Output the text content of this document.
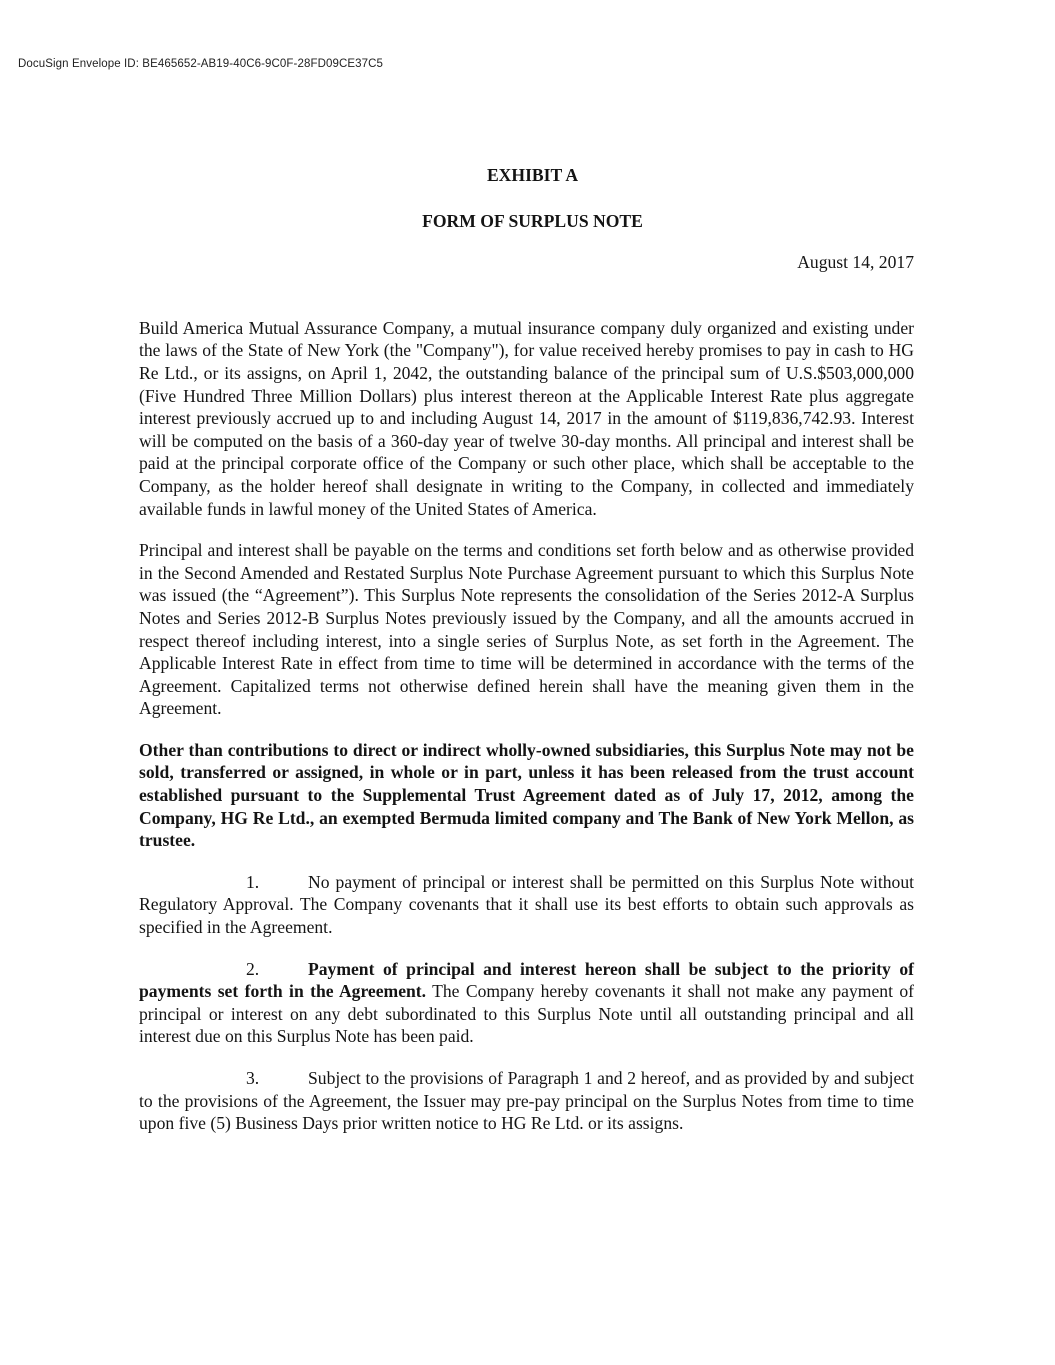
DocuSign Envelope ID: BE465652-AB19-40C6-9C0F-28FD09CE37C5

EXHIBIT A

FORM OF SURPLUS NOTE

August 14, 2017

Build America Mutual Assurance Company, a mutual insurance company duly organized and existing under the laws of the State of New York (the "Company"), for value received hereby promises to pay in cash to HG Re Ltd., or its assigns, on April 1, 2042, the outstanding balance of the principal sum of U.S.$503,000,000 (Five Hundred Three Million Dollars) plus interest thereon at the Applicable Interest Rate plus aggregate interest previously accrued up to and including August 14, 2017 in the amount of $119,836,742.93. Interest will be computed on the basis of a 360-day year of twelve 30-day months. All principal and interest shall be paid at the principal corporate office of the Company or such other place, which shall be acceptable to the Company, as the holder hereof shall designate in writing to the Company, in collected and immediately available funds in lawful money of the United States of America.

Principal and interest shall be payable on the terms and conditions set forth below and as otherwise provided in the Second Amended and Restated Surplus Note Purchase Agreement pursuant to which this Surplus Note was issued (the “Agreement”). This Surplus Note represents the consolidation of the Series 2012-A Surplus Notes and Series 2012-B Surplus Notes previously issued by the Company, and all the amounts accrued in respect thereof including interest, into a single series of Surplus Note, as set forth in the Agreement. The Applicable Interest Rate in effect from time to time will be determined in accordance with the terms of the Agreement. Capitalized terms not otherwise defined herein shall have the meaning given them in the Agreement.

Other than contributions to direct or indirect wholly-owned subsidiaries, this Surplus Note may not be sold, transferred or assigned, in whole or in part, unless it has been released from the trust account established pursuant to the Supplemental Trust Agreement dated as of July 17, 2012, among the Company, HG Re Ltd., an exempted Bermuda limited company and The Bank of New York Mellon, as trustee.

1.	No payment of principal or interest shall be permitted on this Surplus Note without Regulatory Approval. The Company covenants that it shall use its best efforts to obtain such approvals as specified in the Agreement.

2.	Payment of principal and interest hereon shall be subject to the priority of payments set forth in the Agreement. The Company hereby covenants it shall not make any payment of principal or interest on any debt subordinated to this Surplus Note until all outstanding principal and all interest due on this Surplus Note has been paid.

3.	Subject to the provisions of Paragraph 1 and 2 hereof, and as provided by and subject to the provisions of the Agreement, the Issuer may pre-pay principal on the Surplus Notes from time to time upon five (5) Business Days prior written notice to HG Re Ltd. or its assigns.
